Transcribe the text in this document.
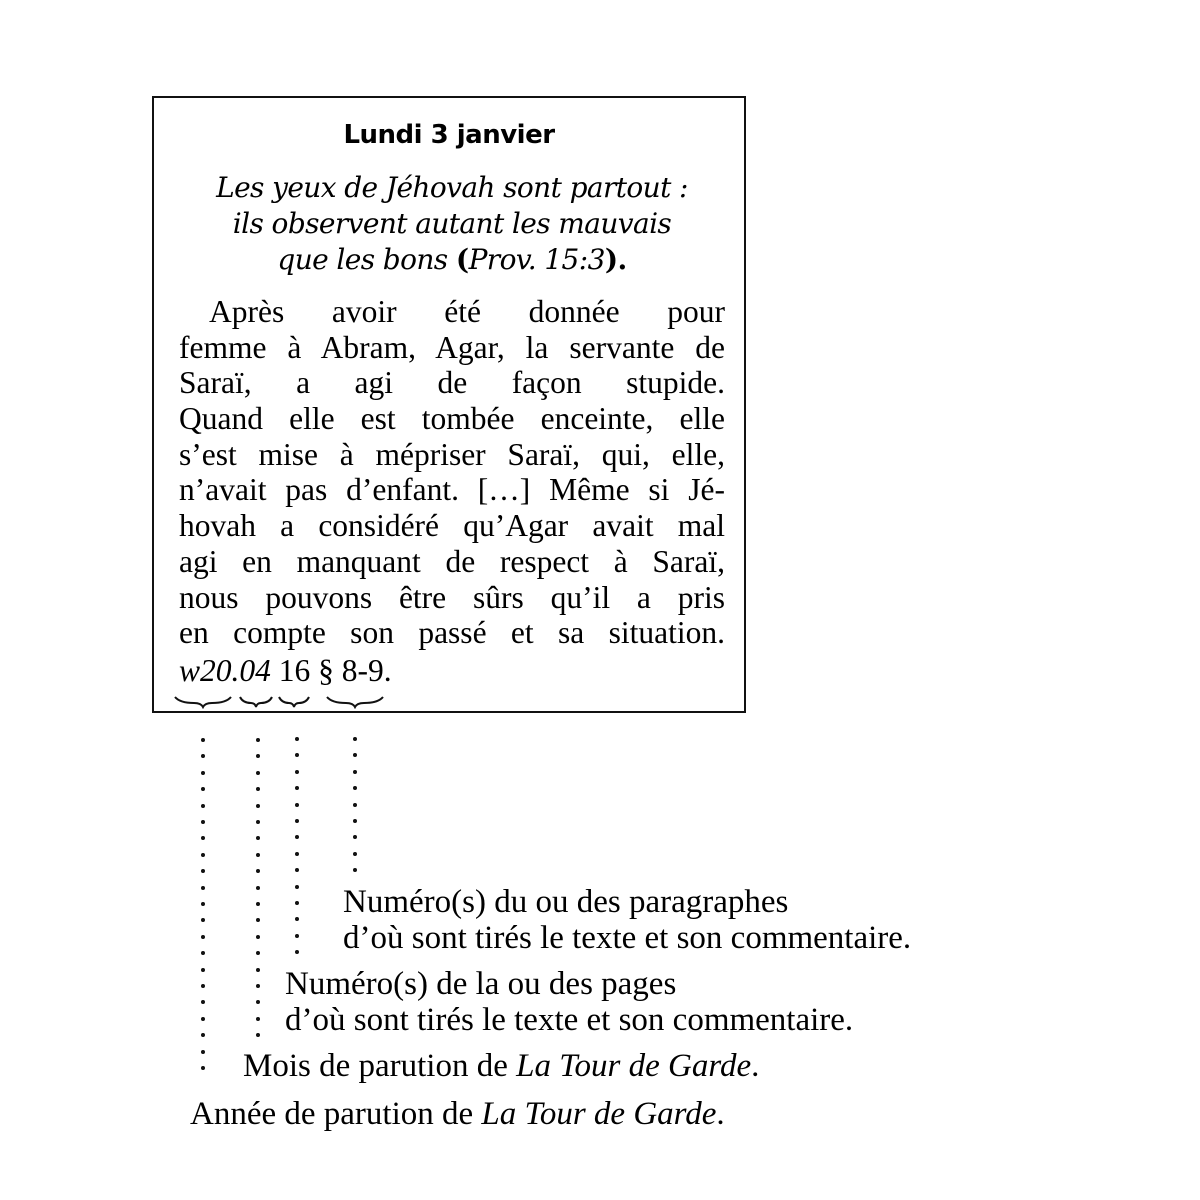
Lundi 3 janvier
Les yeux de Jéhovah sont partout :
ils observent autant les mauvais
que les bons (Prov. 15:3).
Après avoir été donnée pour
femme à Abram, Agar, la servante de
Saraï, a agi de façon stupide.
Quand elle est tombée enceinte, elle
s’est mise à mépriser Saraï, qui, elle,
n’avait pas d’enfant. […] Même si Jé-
hovah a considéré qu’Agar avait mal
agi en manquant de respect à Saraï,
nous pouvons être sûrs qu’il a pris
en compte son passé et sa situation.
w20.04 16 § 8-9.
Numéro(s) du ou des paragraphes
d’où sont tirés le texte et son commentaire.
Numéro(s) de la ou des pages
d’où sont tirés le texte et son commentaire.
Mois de parution de La Tour de Garde.
Année de parution de La Tour de Garde.
